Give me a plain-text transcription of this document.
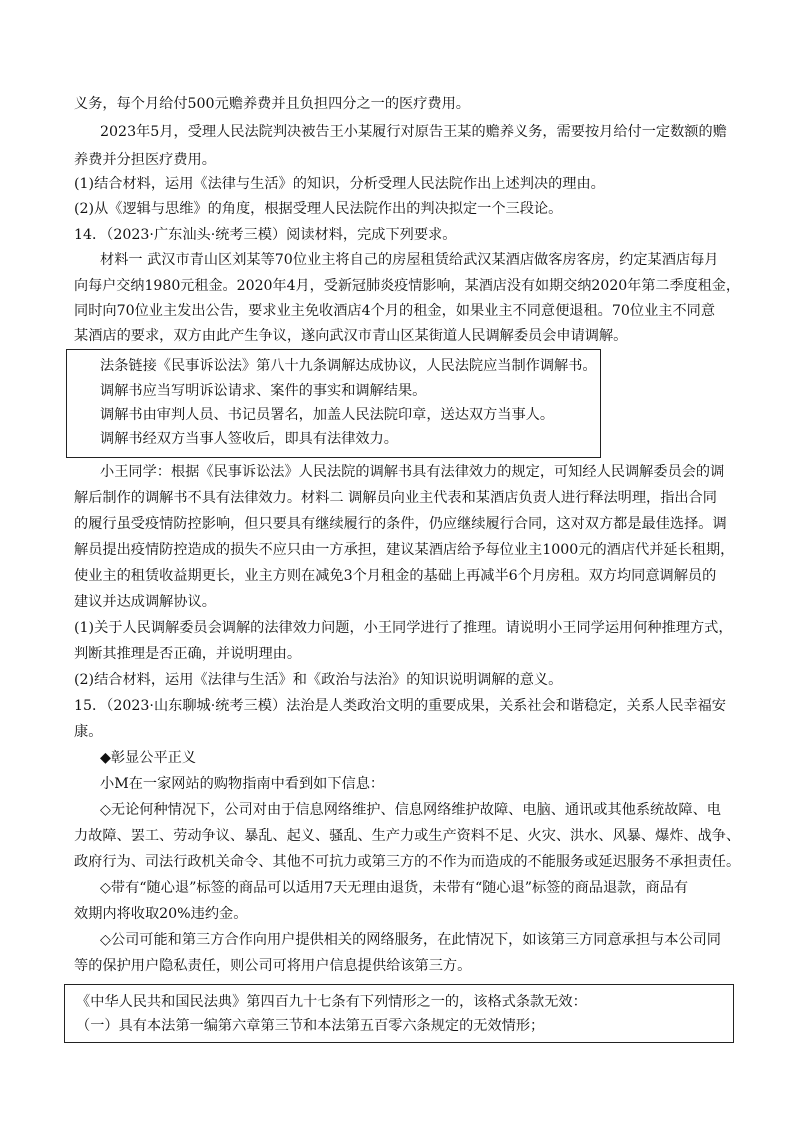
义务，每个月给付500元赡养费并且负担四分之一的医疗费用。
2023年5月，受理人民法院判决被告王小某履行对原告王某的赡养义务，需要按月给付一定数额的赡
养费并分担医疗费用。
(1)结合材料，运用《法律与生活》的知识，分析受理人民法院作出上述判决的理由。
(2)从《逻辑与思维》的角度，根据受理人民法院作出的判决拟定一个三段论。
14．（2023·广东汕头·统考三模）阅读材料，完成下列要求。
材料一 武汉市青山区刘某等70位业主将自己的房屋租赁给武汉某酒店做客房客房，约定某酒店每月
向每户交纳1980元租金。2020年4月，受新冠肺炎疫情影响，某酒店没有如期交纳2020年第二季度租金，
同时向70位业主发出公告，要求业主免收酒店4个月的租金，如果业主不同意便退租。70位业主不同意
某酒店的要求，双方由此产生争议，遂向武汉市青山区某街道人民调解委员会申请调解。
法条链接《民事诉讼法》第八十九条调解达成协议，人民法院应当制作调解书。
调解书应当写明诉讼请求、案件的事实和调解结果。
调解书由审判人员、书记员署名，加盖人民法院印章，送达双方当事人。
调解书经双方当事人签收后，即具有法律效力。
小王同学：根据《民事诉讼法》人民法院的调解书具有法律效力的规定，可知经人民调解委员会的调
解后制作的调解书不具有法律效力。材料二 调解员向业主代表和某酒店负责人进行释法明理，指出合同
的履行虽受疫情防控影响，但只要具有继续履行的条件，仍应继续履行合同，这对双方都是最佳选择。调
解员提出疫情防控造成的损失不应只由一方承担，建议某酒店给予每位业主1000元的酒店代并延长租期，
使业主的租赁收益期更长，业主方则在减免3个月租金的基础上再减半6个月房租。双方均同意调解员的
建议并达成调解协议。
(1)关于人民调解委员会调解的法律效力问题，小王同学进行了推理。请说明小王同学运用何种推理方式，
判断其推理是否正确，并说明理由。
(2)结合材料，运用《法律与生活》和《政治与法治》的知识说明调解的意义。
15．（2023·山东聊城·统考三模）法治是人类政治文明的重要成果，关系社会和谐稳定，关系人民幸福安
康。
◆彰显公平正义
小M在一家网站的购物指南中看到如下信息：
◇无论何种情况下，公司对由于信息网络维护、信息网络维护故障、电脑、通讯或其他系统故障、电
力故障、罢工、劳动争议、暴乱、起义、骚乱、生产力或生产资料不足、火灾、洪水、风暴、爆炸、战争、
政府行为、司法行政机关命令、其他不可抗力或第三方的不作为而造成的不能服务或延迟服务不承担责任。
◇带有“随心退”标签的商品可以适用7天无理由退货，未带有“随心退”标签的商品退款，商品有
效期内将收取20%违约金。
◇公司可能和第三方合作向用户提供相关的网络服务，在此情况下，如该第三方同意承担与本公司同
等的保护用户隐私责任，则公司可将用户信息提供给该第三方。
《中华人民共和国民法典》第四百九十七条有下列情形之一的，该格式条款无效：
（一）具有本法第一编第六章第三节和本法第五百零六条规定的无效情形；
